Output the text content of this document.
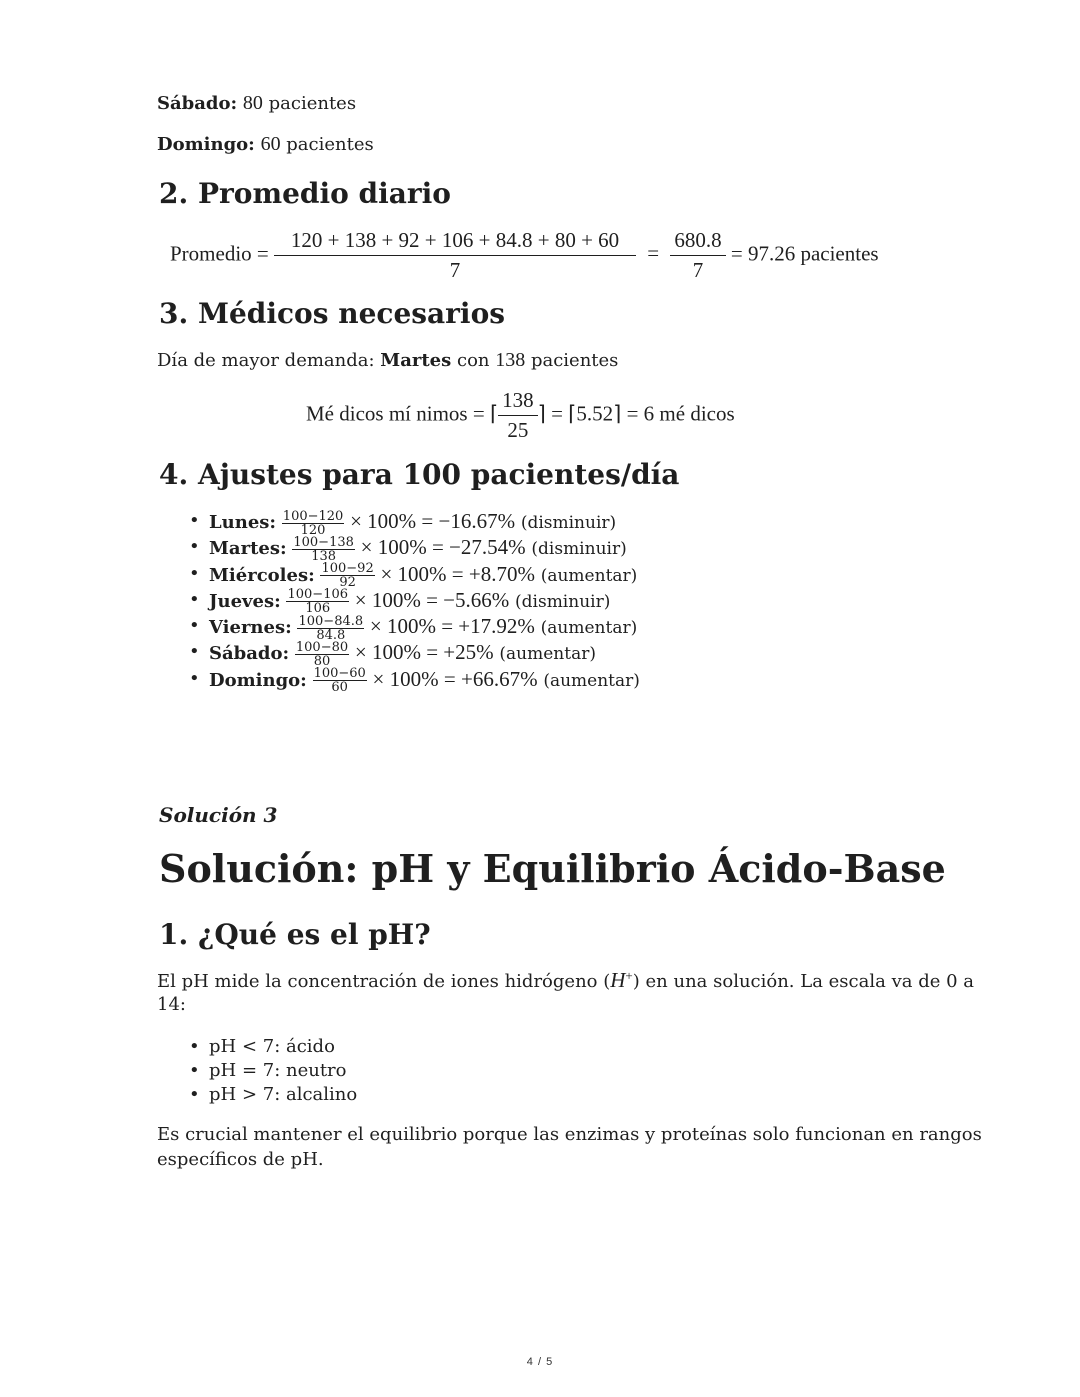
Sábado: 80 pacientes
Domingo: 60 pacientes
2. Promedio diario
Promedio = $\frac{120 + 138 + 92 + 106 + 84.8 + 80 + 60}{7} = \frac{680.8}{7} = 97.26$ pacientes
3. Médicos necesarios
Día de mayor demanda: Martes con 138 pacientes
Mé dicos mí nimos = ⌈ $\frac{138}{25}$ ⌉ = ⌈5.52⌉ = 6 mé dicos
4. Ajustes para 100 pacientes/día
• Lunes: $\frac{100-120}{120} \times 100\% = -16.67\%$ (disminuir)
• Martes: $\frac{100-138}{138} \times 100\% = -27.54\%$ (disminuir)
• Miércoles: $\frac{100-92}{92} \times 100\% = +8.70\%$ (aumentar)
• Jueves: $\frac{100-106}{106} \times 100\% = -5.66\%$ (disminuir)
• Viernes: $\frac{100-84.8}{84.8} \times 100\% = +17.92\%$ (aumentar)
• Sábado: $\frac{100-80}{80} \times 100\% = +25\%$ (aumentar)
• Domingo: $\frac{100-60}{60} \times 100\% = +66.67\%$ (aumentar)
Solución 3
Solución: pH y Equilibrio Ácido-Base
1. ¿Qué es el pH?
El pH mide la concentración de iones hidrógeno (H+) en una solución. La escala va de 0 a
14:
• pH < 7: ácido
• pH = 7: neutro
• pH > 7: alcalino
Es crucial mantener el equilibrio porque las enzimas y proteínas solo funcionan en rangos
específicos de pH.
4 / 5
